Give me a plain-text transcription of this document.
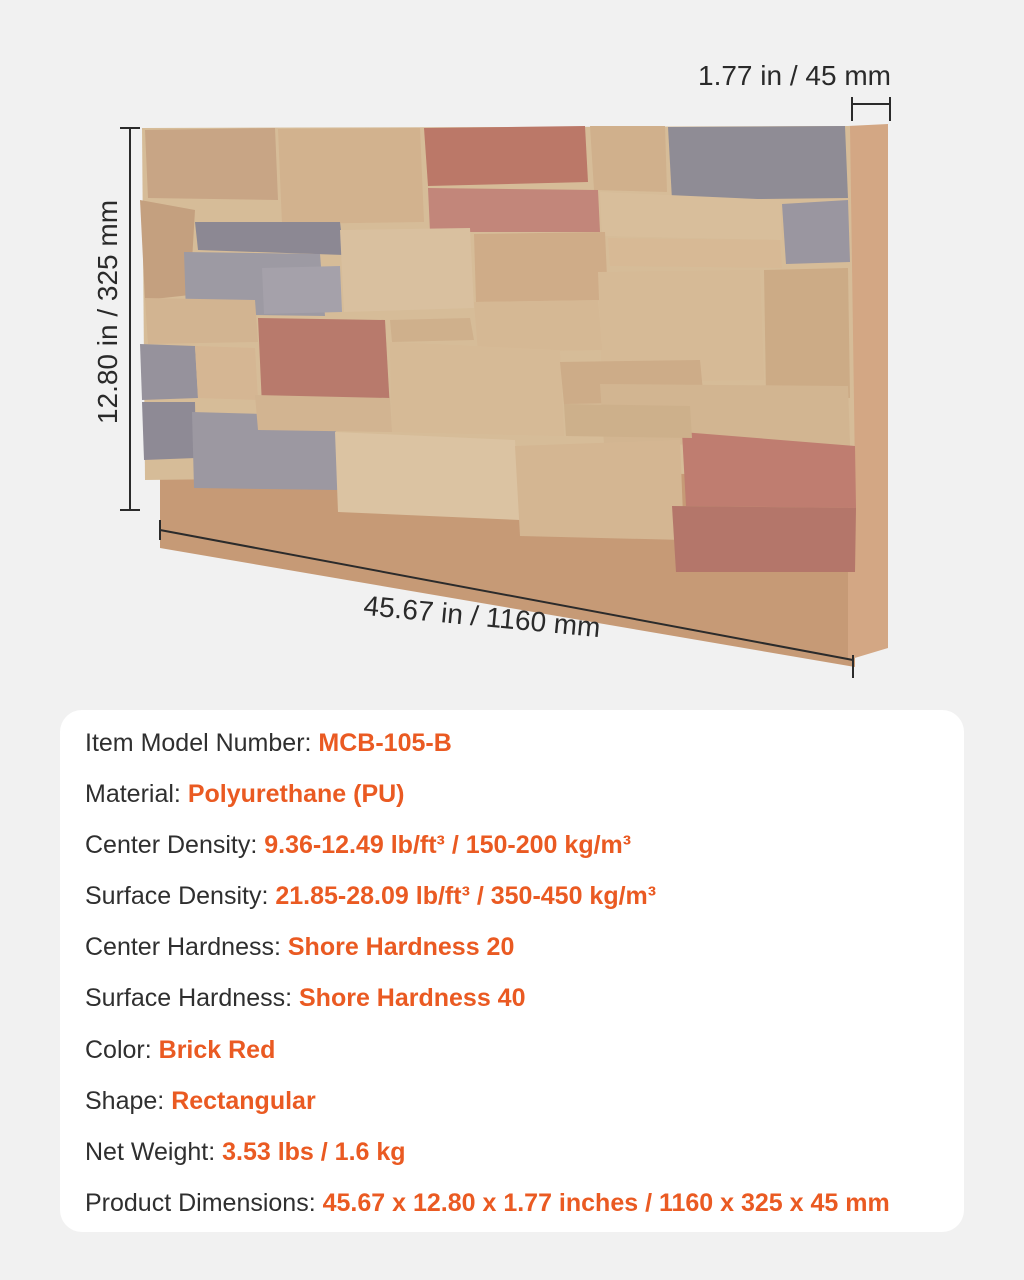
1.77 in / 45 mm
12.80 in / 325 mm
45.67 in / 1160 mm
Item Model Number: MCB-105-B
Material: Polyurethane (PU)
Center Density: 9.36-12.49 lb/ft³ / 150-200 kg/m³
Surface Density: 21.85-28.09 lb/ft³ / 350-450 kg/m³
Center Hardness: Shore Hardness 20
Surface Hardness: Shore Hardness 40
Color: Brick Red
Shape: Rectangular
Net Weight: 3.53 lbs / 1.6 kg
Product Dimensions: 45.67 x 12.80 x 1.77 inches / 1160 x 325 x 45 mm
